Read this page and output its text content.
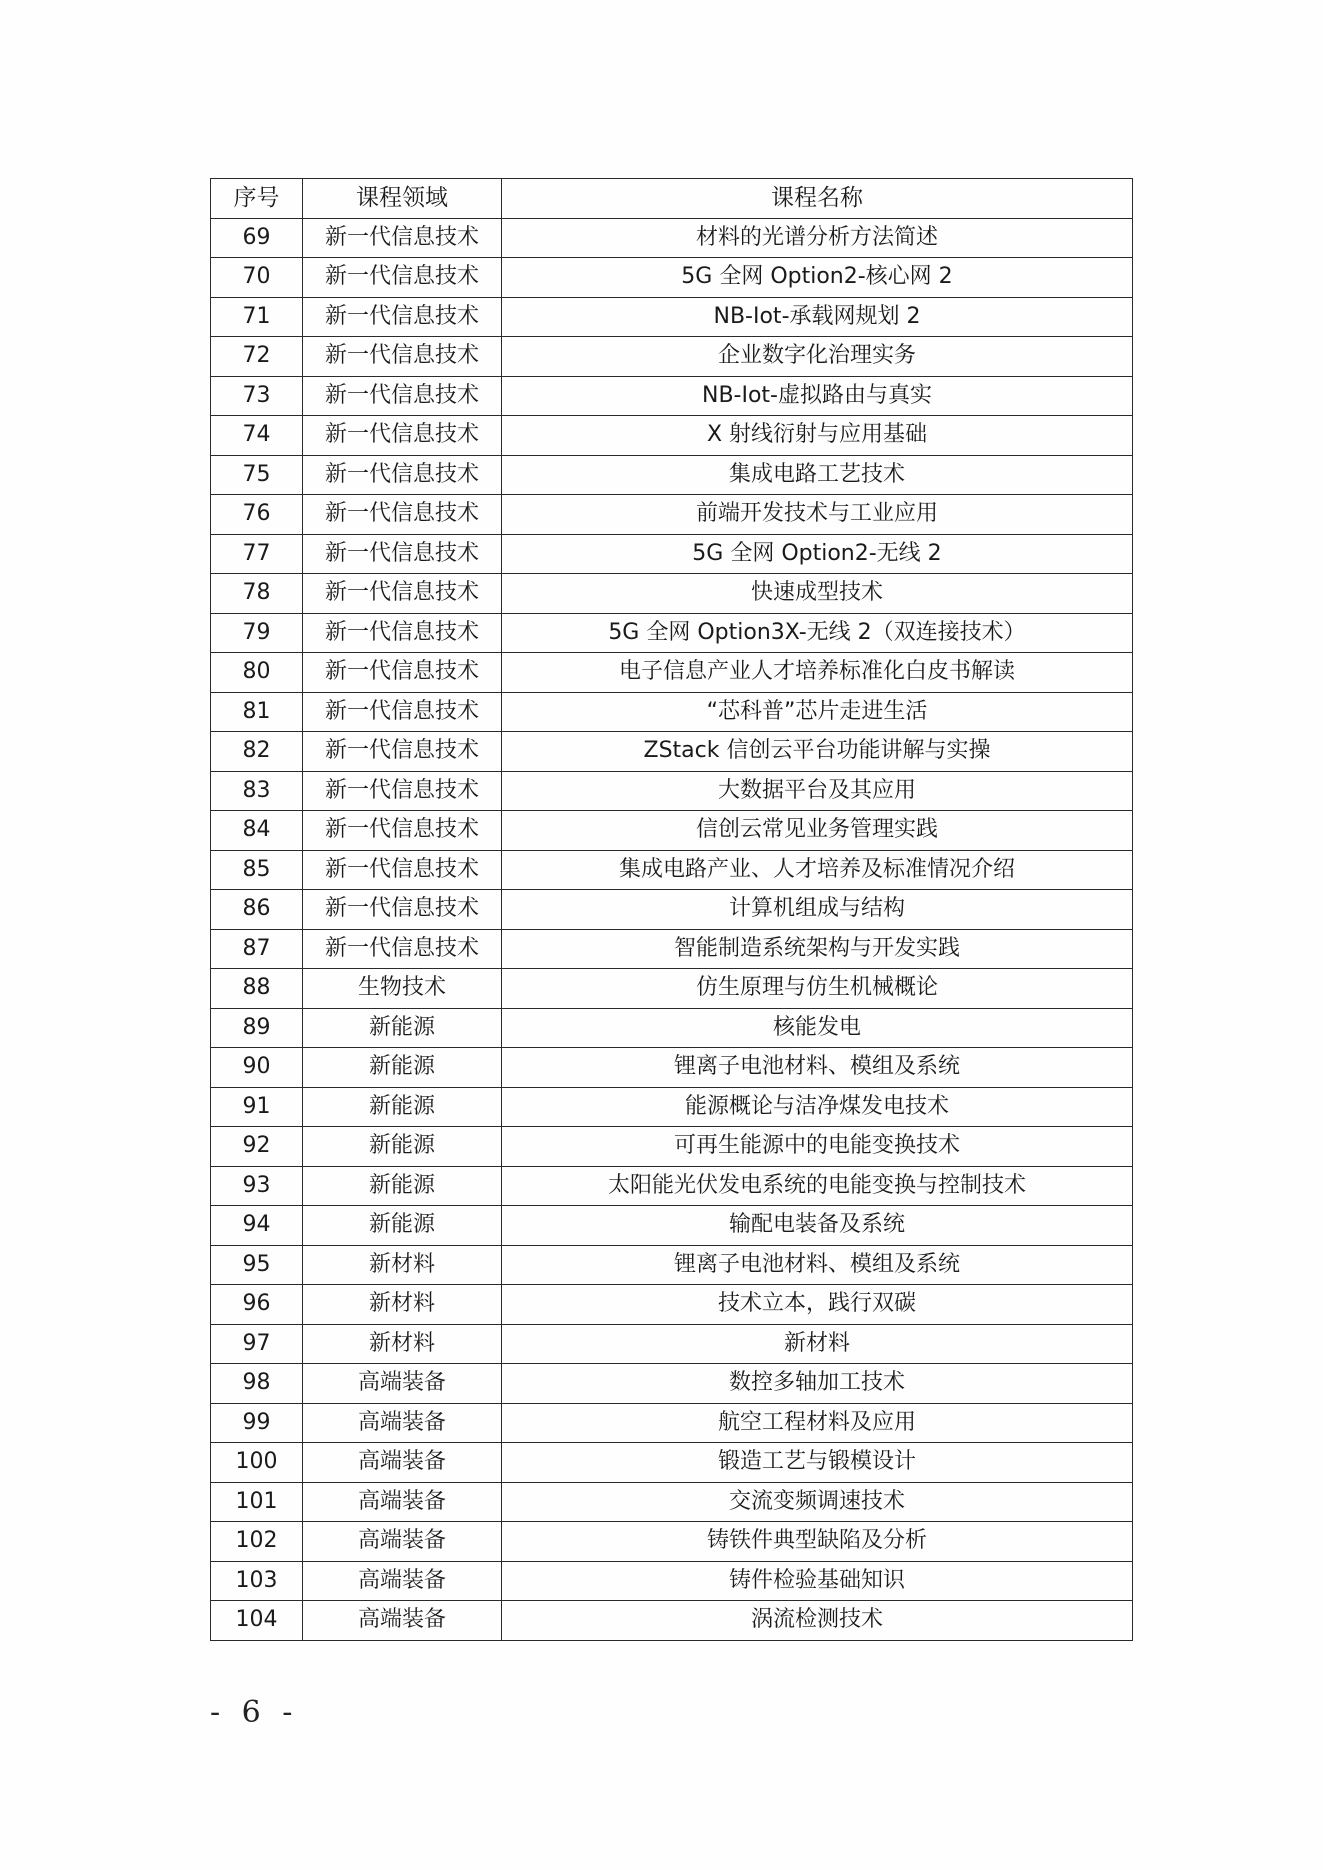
序号	课程领域	课程名称
69	新一代信息技术	材料的光谱分析方法简述
70	新一代信息技术	5G 全网 Option2-核心网 2
71	新一代信息技术	NB-Iot-承载网规划 2
72	新一代信息技术	企业数字化治理实务
73	新一代信息技术	NB-Iot-虚拟路由与真实
74	新一代信息技术	X 射线衍射与应用基础
75	新一代信息技术	集成电路工艺技术
76	新一代信息技术	前端开发技术与工业应用
77	新一代信息技术	5G 全网 Option2-无线 2
78	新一代信息技术	快速成型技术
79	新一代信息技术	5G 全网 Option3X-无线 2（双连接技术）
80	新一代信息技术	电子信息产业人才培养标准化白皮书解读
81	新一代信息技术	“芯科普”芯片走进生活
82	新一代信息技术	ZStack 信创云平台功能讲解与实操
83	新一代信息技术	大数据平台及其应用
84	新一代信息技术	信创云常见业务管理实践
85	新一代信息技术	集成电路产业、人才培养及标准情况介绍
86	新一代信息技术	计算机组成与结构
87	新一代信息技术	智能制造系统架构与开发实践
88	生物技术	仿生原理与仿生机械概论
89	新能源	核能发电
90	新能源	锂离子电池材料、模组及系统
91	新能源	能源概论与洁净煤发电技术
92	新能源	可再生能源中的电能变换技术
93	新能源	太阳能光伏发电系统的电能变换与控制技术
94	新能源	输配电装备及系统
95	新材料	锂离子电池材料、模组及系统
96	新材料	技术立本，践行双碳
97	新材料	新材料
98	高端装备	数控多轴加工技术
99	高端装备	航空工程材料及应用
100	高端装备	锻造工艺与锻模设计
101	高端装备	交流变频调速技术
102	高端装备	铸铁件典型缺陷及分析
103	高端装备	铸件检验基础知识
104	高端装备	涡流检测技术
- 6 -
